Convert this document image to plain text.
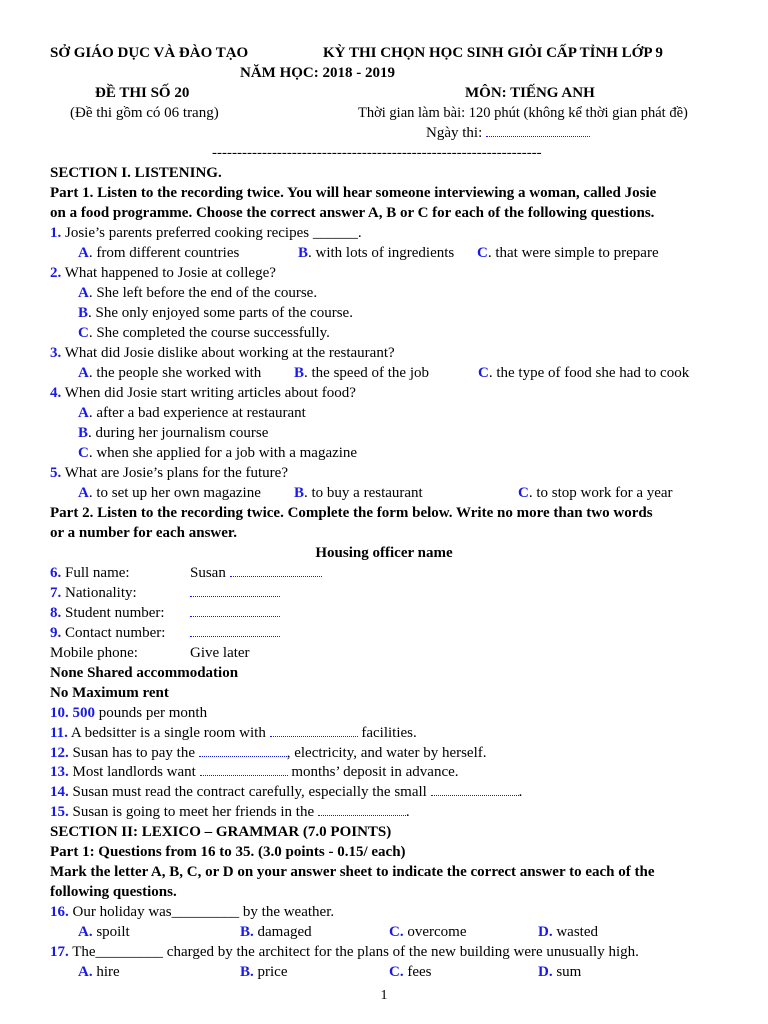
SỞ GIÁO DỤC VÀ ĐÀO TẠO	KỲ THI CHỌN HỌC SINH GIỎI CẤP TỈNH LỚP 9
NĂM HỌC: 2018 - 2019
ĐỀ THI SỐ 20	MÔN: TIẾNG ANH
(Đề thi gồm có 06 trang)	Thời gian làm bài: 120 phút (không kể thời gian phát đề)
Ngày thi:
------------------------------------------------------------------
SECTION I. LISTENING.
Part 1. Listen to the recording twice. You will hear someone interviewing a woman, called Josie
on a food programme. Choose the correct answer A, B or C for each of the following questions.
1. Josie’s parents preferred cooking recipes ______.
A. from different countries	B. with lots of ingredients C. that were simple to prepare
2. What happened to Josie at college?
A. She left before the end of the course.
B. She only enjoyed some parts of the course.
C. She completed the course successfully.
3. What did Josie dislike about working at the restaurant?
A. the people she worked with B. the speed of the job	C. the type of food she had to cook
4. When did Josie start writing articles about food?
A. after a bad experience at restaurant
B. during her journalism course
C. when she applied for a job with a magazine
5. What are Josie’s plans for the future?
A. to set up her own magazine B. to buy a restaurant	C. to stop work for a year
Part 2. Listen to the recording twice. Complete the form below. Write no more than two words
or a number for each answer.
Housing officer name
6. Full name:	Susan
7. Nationality:
8. Student number:
9. Contact number:
Mobile phone:	Give later
None Shared accommodation
No Maximum rent
10. 500 pounds per month
11. A bedsitter is a single room with	facilities.
12. Susan has to pay the	, electricity, and water by herself.
13. Most landlords want	months’ deposit in advance.
14. Susan must read the contract carefully, especially the small	.
15. Susan is going to meet her friends in the	.
SECTION II: LEXICO – GRAMMAR (7.0 POINTS)
Part 1: Questions from 16 to 35. (3.0 points - 0.15/ each)
Mark the letter A, B, C, or D on your answer sheet to indicate the correct answer to each of the
following questions.
16. Our holiday was_________ by the weather.
A. spoilt	B. damaged	C. overcome	D. wasted
17. The_________ charged by the architect for the plans of the new building were unusually high.
A. hire	B. price	C. fees	D. sum
1
